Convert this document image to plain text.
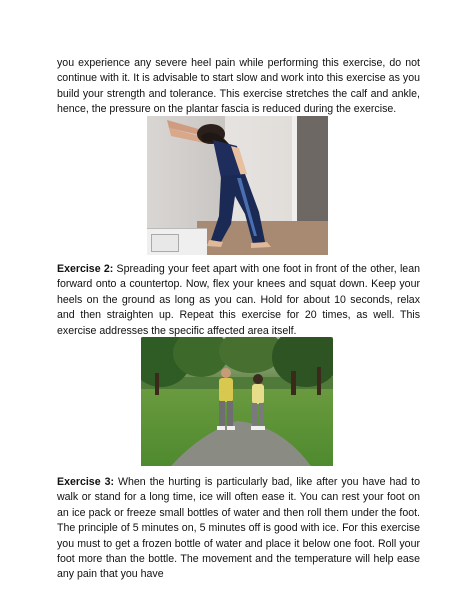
you experience any severe heel pain while performing this exercise, do not continue with it. It is advisable to start slow and work into this exercise as you build your strength and tolerance. This exercise stretches the calf and ankle, hence, the pressure on the plantar fascia is reduced during the exercise.

Exercise 2: Spreading your feet apart with one foot in front of the other, lean forward onto a countertop. Now, flex your knees and squat down. Keep your heels on the ground as long as you can. Hold for about 10 seconds, relax and then straighten up. Repeat this exercise for 20 times, as well. This exercise addresses the specific affected area itself.

Exercise 3: When the hurting is particularly bad, like after you have had to walk or stand for a long time, ice will often ease it. You can rest your foot on an ice pack or freeze small bottles of water and then roll them under the foot. The principle of 5 minutes on, 5 minutes off is good with ice. For this exercise you must to get a frozen bottle of water and place it below one foot. Roll your foot more than the bottle. The movement and the temperature will help ease any pain that you have
